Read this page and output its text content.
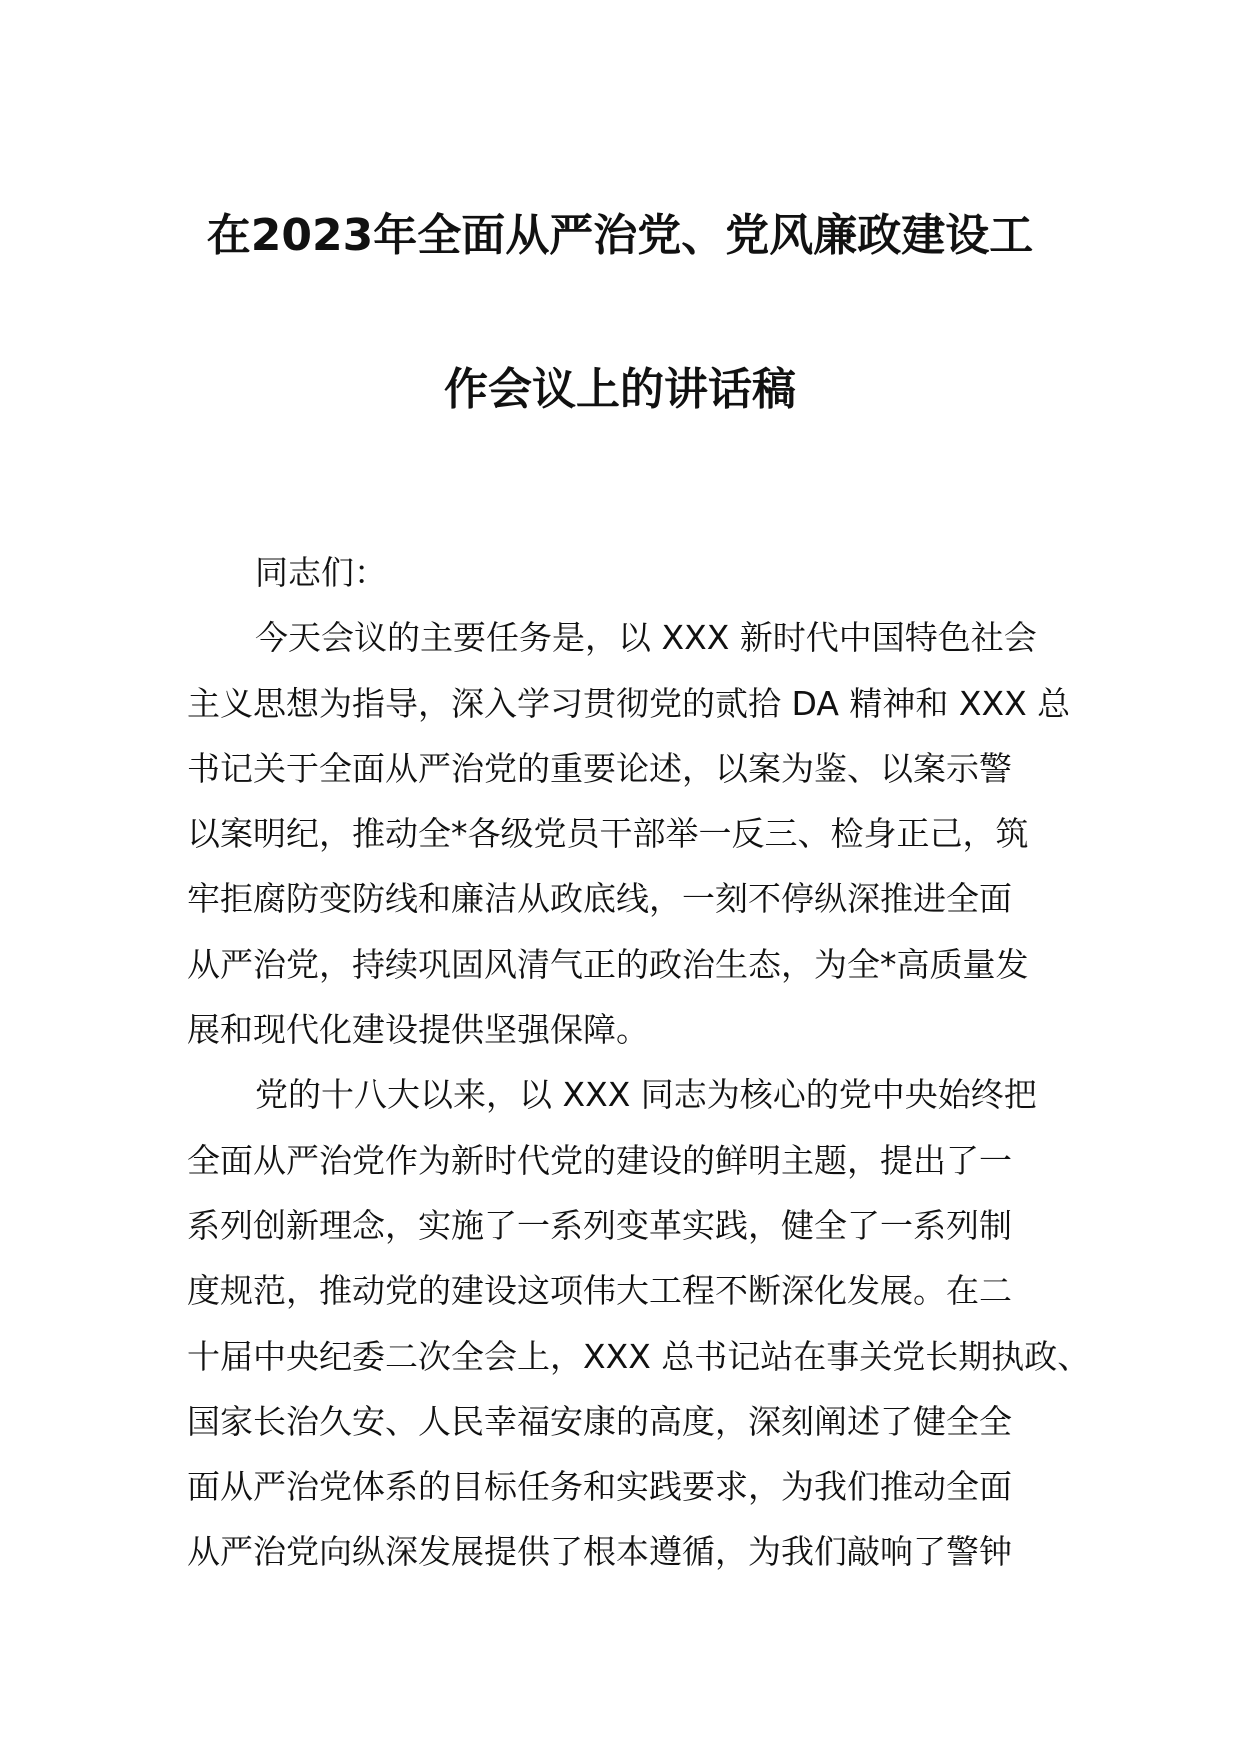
在2023年全面从严治党、党风廉政建设工
作会议上的讲话稿
同志们：
今天会议的主要任务是，以 XXX 新时代中国特色社会
主义思想为指导，深入学习贯彻党的贰拾 DA 精神和 XXX 总
书记关于全面从严治党的重要论述，以案为鉴、以案示警
以案明纪，推动全*各级党员干部举一反三、检身正己，筑
牢拒腐防变防线和廉洁从政底线，一刻不停纵深推进全面
从严治党，持续巩固风清气正的政治生态，为全*高质量发
展和现代化建设提供坚强保障。
党的十八大以来，以 XXX 同志为核心的党中央始终把
全面从严治党作为新时代党的建设的鲜明主题，提出了一
系列创新理念，实施了一系列变革实践，健全了一系列制
度规范，推动党的建设这项伟大工程不断深化发展。在二
十届中央纪委二次全会上，XXX 总书记站在事关党长期执政、
国家长治久安、人民幸福安康的高度，深刻阐述了健全全
面从严治党体系的目标任务和实践要求，为我们推动全面
从严治党向纵深发展提供了根本遵循，为我们敲响了警钟
